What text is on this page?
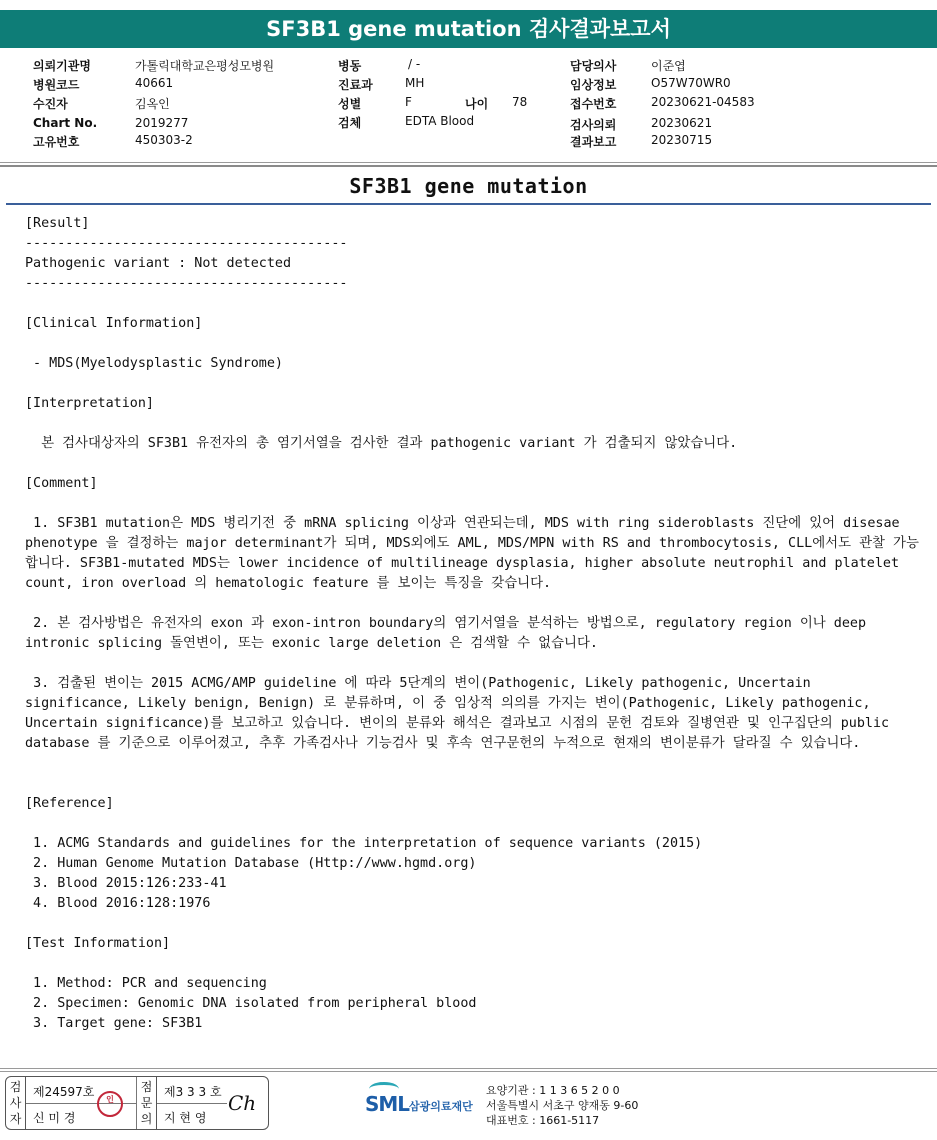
SF3B1 gene mutation 검사결과보고서
의뢰기관명	가톨릭대학교은평성모병원
병원코드	40661
수진자	김옥인
Chart No.	2019277
고유번호	450303-2
병동	/ -
진료과	MH
성별	F	나이 78
검체	EDTA Blood
담당의사	이준엽
임상정보	O57W70WR0
접수번호	20230621-04583
검사의뢰	20230621
결과보고	20230715
SF3B1 gene mutation
[Result]
----------------------------------------
Pathogenic variant : Not detected
----------------------------------------
[Clinical Information]
- MDS(Myelodysplastic Syndrome)
[Interpretation]
본 검사대상자의 SF3B1 유전자의 총 염기서열을 검사한 결과 pathogenic variant 가 검출되지 않았습니다.
[Comment]
1. SF3B1 mutation은 MDS 병리기전 중 mRNA splicing 이상과 연관되는데, MDS with ring sideroblasts 진단에 있어 disesae phenotype 을 결정하는 major determinant가 되며, MDS외에도 AML, MDS/MPN with RS and thrombocytosis, CLL에서도 관찰 가능합니다. SF3B1-mutated MDS는 lower incidence of multilineage dysplasia, higher absolute neutrophil and platelet count, iron overload 의 hematologic feature 를 보이는 특징을 갖습니다.
2. 본 검사방법은 유전자의 exon 과 exon-intron boundary의 염기서열을 분석하는 방법으로, regulatory region 이나 deep intronic splicing 돌연변이, 또는 exonic large deletion 은 검색할 수 없습니다.
3. 검출된 변이는 2015 ACMG/AMP guideline 에 따라 5단계의 변이(Pathogenic, Likely pathogenic, Uncertain significance, Likely benign, Benign) 로 분류하며, 이 중 임상적 의의를 가지는 변이(Pathogenic, Likely pathogenic, Uncertain significance)를 보고하고 있습니다. 변이의 분류와 해석은 결과보고 시점의 문헌 검토와 질병연관 및 인구집단의 public database 를 기준으로 이루어졌고, 추후 가족검사나 기능검사 및 후속 연구문헌의 누적으로 현재의 변이분류가 달라질 수 있습니다.
[Reference]
1. ACMG Standards and guidelines for the interpretation of sequence variants (2015)
2. Human Genome Mutation Database (Http://www.hgmd.org)
3. Blood 2015:126:233-41
4. Blood 2016:128:1976
[Test Information]
1. Method: PCR and sequencing
2. Specimen: Genomic DNA isolated from peripheral blood
3. Target gene: SF3B1
검사자
제24597호
신 미 경
인
점문의
제3 3 3 호
지 현 영
Ch	SML 삼광의료재단
요양기관 : 1 1 3 6 5 2 0 0
서울특별시 서초구 양재동 9-60
대표번호 : 1661-5117
